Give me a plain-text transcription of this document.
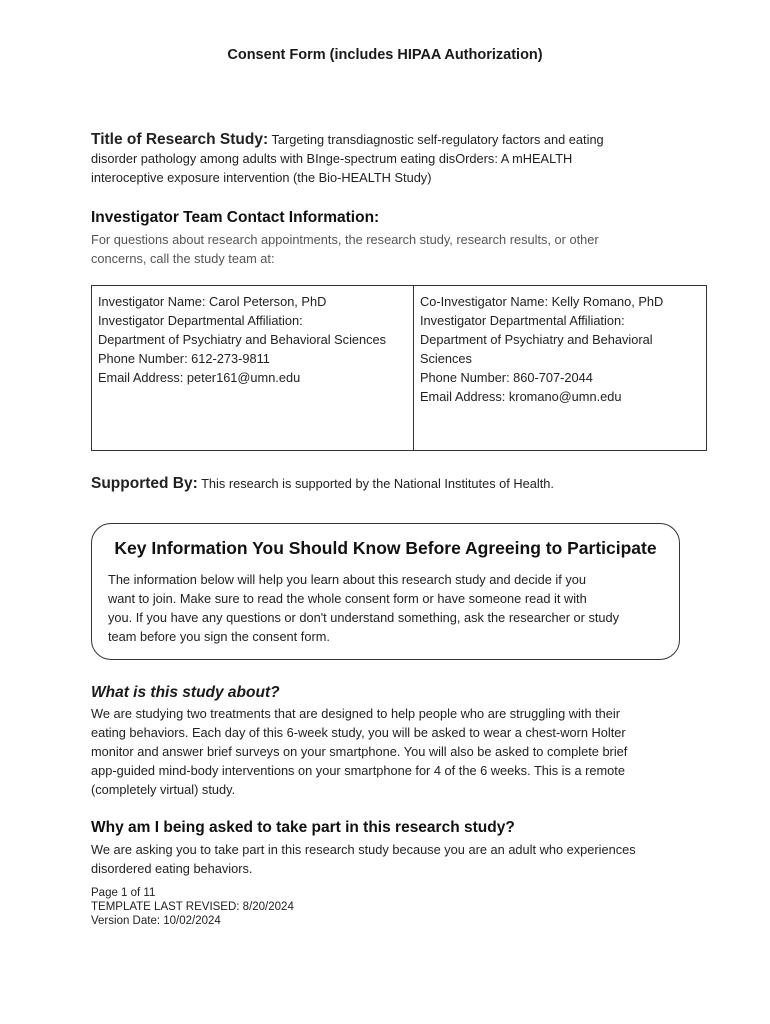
Consent Form (includes HIPAA Authorization)
Title of Research Study: Targeting transdiagnostic self-regulatory factors and eating
disorder pathology among adults with BInge-spectrum eating disOrders: A mHEALTH
interoceptive exposure intervention (the Bio-HEALTH Study)
Investigator Team Contact Information:
For questions about research appointments, the research study, research results, or other
concerns, call the study team at:
Investigator Name: Carol Peterson, PhD
Investigator Departmental Affiliation:
Department of Psychiatry and Behavioral Sciences
Phone Number: 612-273-9811
Email Address: peter161@umn.edu
Co-Investigator Name: Kelly Romano, PhD
Investigator Departmental Affiliation:
Department of Psychiatry and Behavioral
Sciences
Phone Number: 860-707-2044
Email Address: kromano@umn.edu
Supported By: This research is supported by the National Institutes of Health.
Key Information You Should Know Before Agreeing to Participate
The information below will help you learn about this research study and decide if you
want to join. Make sure to read the whole consent form or have someone read it with
you. If you have any questions or don't understand something, ask the researcher or study
team before you sign the consent form.
What is this study about?
We are studying two treatments that are designed to help people who are struggling with their
eating behaviors. Each day of this 6-week study, you will be asked to wear a chest-worn Holter
monitor and answer brief surveys on your smartphone. You will also be asked to complete brief
app-guided mind-body interventions on your smartphone for 4 of the 6 weeks. This is a remote
(completely virtual) study.
Why am I being asked to take part in this research study?
We are asking you to take part in this research study because you are an adult who experiences
disordered eating behaviors.
Page 1 of 11
TEMPLATE LAST REVISED: 8/20/2024
Version Date: 10/02/2024
